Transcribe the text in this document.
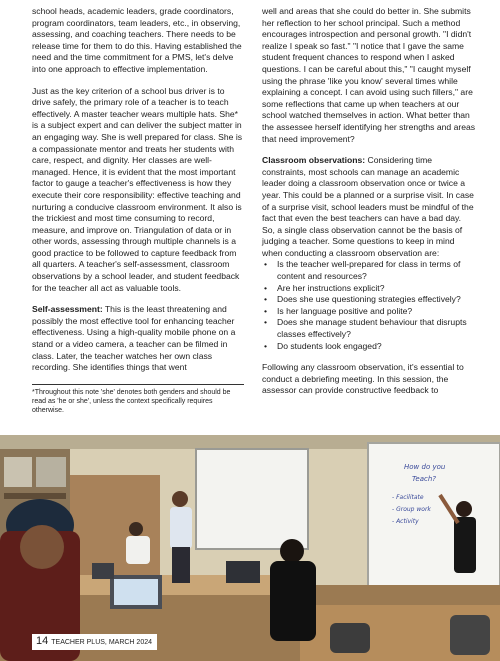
school heads, academic leaders, grade coordinators, program coordinators, team leaders, etc., in observing, assessing, and coaching teachers. There needs to be release time for them to do this. Having established the need and the time commitment for a PMS, let's delve into one approach to effective implementation.

Just as the key criterion of a school bus driver is to drive safely, the primary role of a teacher is to teach effectively. A master teacher wears multiple hats. She* is a subject expert and can deliver the subject matter in an engaging way. She is well prepared for class. She is a compassionate mentor and treats her students with care, respect, and dignity. Her classes are well-managed. Hence, it is evident that the most important factor to gauge a teacher's effectiveness is how they execute their core responsibility: effective teaching and nurturing a conducive classroom environment. It also is the trickiest and most time consuming to record, measure, and improve on. Triangulation of data or in other words, assessing through multiple channels is a good practice to be followed to capture feedback from all quarters. A teacher's self-assessment, classroom observations by a school leader, and student feedback for the teacher all act as valuable tools.

Self-assessment: This is the least threatening and possibly the most effective tool for enhancing teacher effectiveness. Using a high-quality mobile phone on a stand or a video camera, a teacher can be filmed in class. Later, the teacher watches her own class recording. She identifies things that went

*Throughout this note 'she' denotes both genders and should be read as 'he or she', unless the context specifically requires otherwise.

well and areas that she could do better in. She submits her reflection to her school principal. Such a method encourages introspection and personal growth. "I didn't realize I speak so fast." "I notice that I gave the same student frequent chances to respond when I asked questions. I can be careful about this," "I caught myself using the phrase 'like you know' several times while explaining a concept. I can avoid using such fillers," are some reflections that came up when teachers at our school watched themselves in action. What better than the assessee herself identifying her strengths and areas that need improvement?

Classroom observations: Considering time constraints, most schools can manage an academic leader doing a classroom observation once or twice a year. This could be a planned or a surprise visit. In case of a surprise visit, school leaders must be mindful of the fact that even the best teachers can have a bad day. So, a single class observation cannot be the basis of judging a teacher. Some questions to keep in mind when conducting a classroom observation are:

• Is the teacher well-prepared for class in terms of content and resources?
• Are her instructions explicit?
• Does she use questioning strategies effectively?
• Is her language positive and polite?
• Does she manage student behaviour that disrupts classes effectively?
• Do students look engaged?

Following any classroom observation, it's essential to conduct a debriefing meeting. In this session, the assessor can provide constructive feedback to

How do you
Teach?
- Facilitate
- Group work
- Activity
14 TEACHER PLUS, MARCH 2024
